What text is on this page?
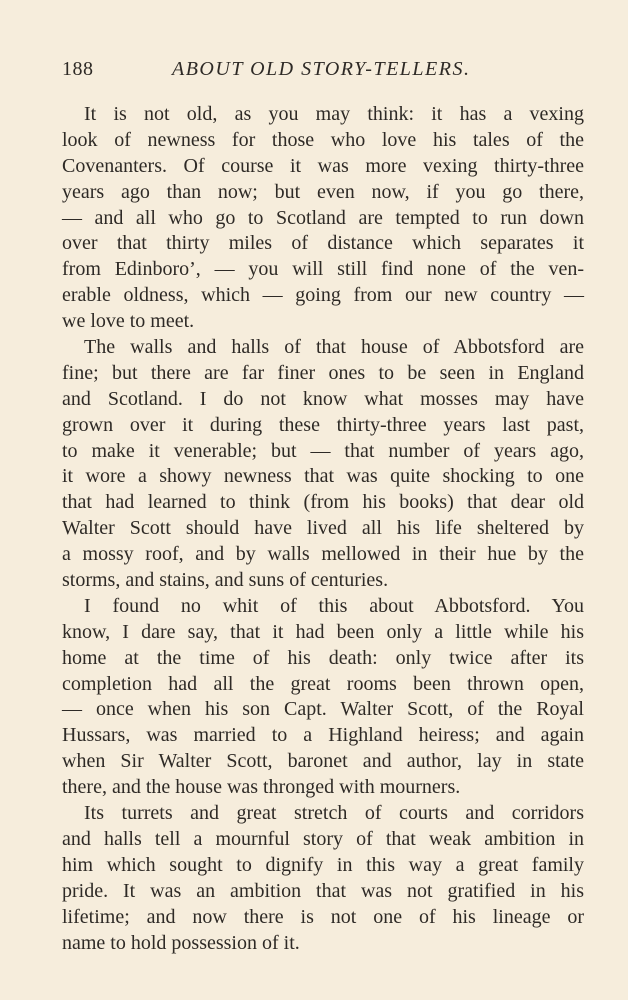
188	ABOUT OLD STORY-TELLERS.
It is not old, as you may think: it has a vexing
look of newness for those who love his tales of the
Covenanters. Of course it was more vexing thirty-three
years ago than now; but even now, if you go there,
— and all who go to Scotland are tempted to run down
over that thirty miles of distance which separates it
from Edinboro’, — you will still find none of the ven-
erable oldness, which — going from our new country —
we love to meet.
The walls and halls of that house of Abbotsford are
fine; but there are far finer ones to be seen in England
and Scotland. I do not know what mosses may have
grown over it during these thirty-three years last past,
to make it venerable; but — that number of years ago,
it wore a showy newness that was quite shocking to one
that had learned to think (from his books) that dear old
Walter Scott should have lived all his life sheltered by
a mossy roof, and by walls mellowed in their hue by the
storms, and stains, and suns of centuries.
I found no whit of this about Abbotsford. You
know, I dare say, that it had been only a little while his
home at the time of his death: only twice after its
completion had all the great rooms been thrown open,
— once when his son Capt. Walter Scott, of the Royal
Hussars, was married to a Highland heiress; and again
when Sir Walter Scott, baronet and author, lay in state
there, and the house was thronged with mourners.
Its turrets and great stretch of courts and corridors
and halls tell a mournful story of that weak ambition in
him which sought to dignify in this way a great family
pride. It was an ambition that was not gratified in his
lifetime; and now there is not one of his lineage or
name to hold possession of it.
